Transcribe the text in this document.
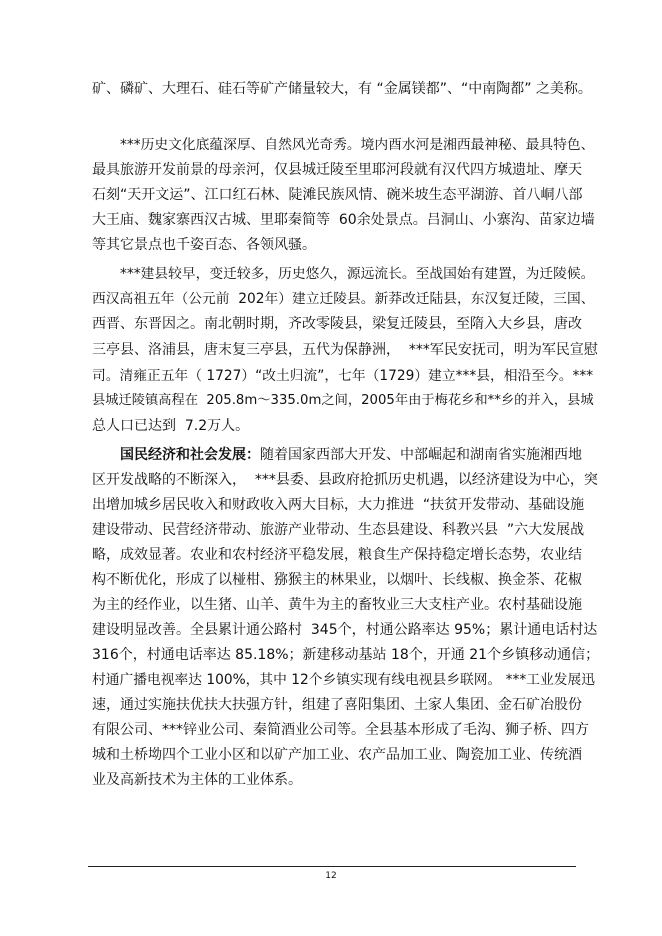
矿、磷矿、大理石、硅石等矿产储量较大，有 “金属镁都”、“中南陶都” 之美称。
***历史文化底蕴深厚、自然风光奇秀。境内酉水河是湘西最神秘、最具特色、
最具旅游开发前景的母亲河，仅县城迁陵至里耶河段就有汉代四方城遗址、摩天
石刻“天开文运”、江口红石林、陡滩民族风情、碗米坡生态平湖游、首八峒八部
大王庙、魏家寨西汉古城、里耶秦简等  60余处景点。吕洞山、小寨沟、苗家边墙
等其它景点也千姿百态、各领风骚。
***建县较早，变迁较多，历史悠久，源远流长。至战国始有建置，为迁陵候。
西汉高祖五年（公元前  202年）建立迁陵县。新莽改迁陆县，东汉复迁陵，三国、
西晋、东晋因之。南北朝时期，齐改零陵县，梁复迁陵县，至隋入大乡县，唐改
三亭县、洛浦县，唐末复三亭县，五代为保静洲，  ***军民安抚司，明为军民宣慰
司。清雍正五年（ 1727）“改土归流”，七年（1729）建立***县，相沿至今。***
县城迁陵镇高程在  205.8m～335.0m之间，2005年由于梅花乡和**乡的并入，县城
总人口已达到  7.2万人。
国民经济和社会发展：随着国家西部大开发、中部崛起和湖南省实施湘西地
区开发战略的不断深入，  ***县委、县政府抢抓历史机遇，以经济建设为中心，突
出增加城乡居民收入和财政收入两大目标，大力推进  “扶贫开发带动、基础设施
建设带动、民营经济带动、旅游产业带动、生态县建设、科教兴县  ”六大发展战
略，成效显著。农业和农村经济平稳发展，粮食生产保持稳定增长态势，农业结
构不断优化，形成了以椪柑、猕猴主的林果业，以烟叶、长线椒、换金茶、花椒
为主的经作业，以生猪、山羊、黄牛为主的畜牧业三大支柱产业。农村基础设施
建设明显改善。全县累计通公路村  345个，村通公路率达 95%；累计通电话村达
316个，村通电话率达 85.18%；新建移动基站 18个，开通 21个乡镇移动通信；
村通广播电视率达 100%，其中 12个乡镇实现有线电视县乡联网。 ***工业发展迅
速，通过实施扶优扶大扶强方针，组建了喜阳集团、土家人集团、金石矿冶股份
有限公司、***锌业公司、秦简酒业公司等。全县基本形成了毛沟、狮子桥、四方
城和土桥坳四个工业小区和以矿产加工业、农产品加工业、陶瓷加工业、传统酒
业及高新技术为主体的工业体系。
12
